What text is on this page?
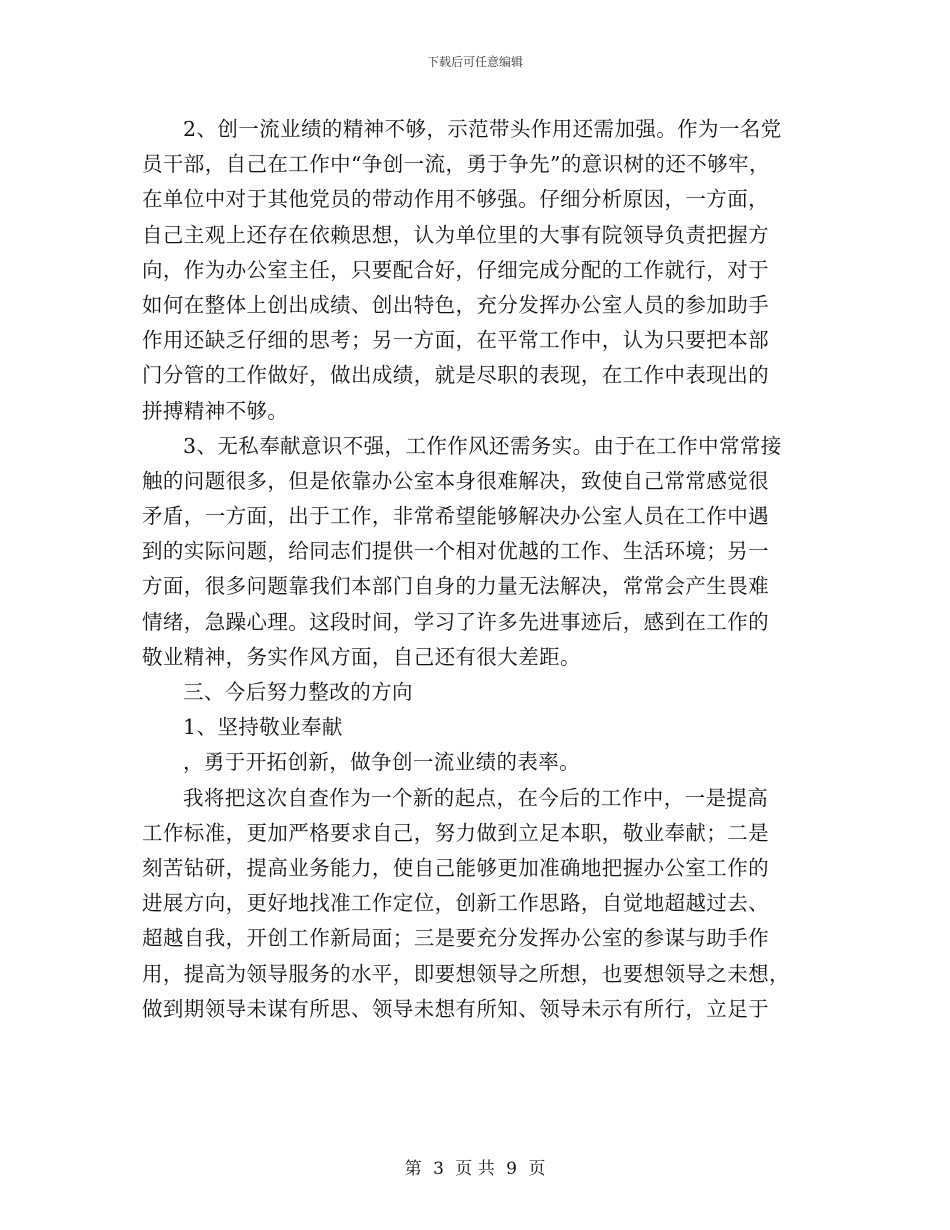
下载后可任意编辑
2、创一流业绩的精神不够，示范带头作用还需加强。作为一名党
员干部，自己在工作中“争创一流，勇于争先”的意识树的还不够牢，
在单位中对于其他党员的带动作用不够强。仔细分析原因，一方面，
自己主观上还存在依赖思想，认为单位里的大事有院领导负责把握方
向，作为办公室主任，只要配合好，仔细完成分配的工作就行，对于
如何在整体上创出成绩、创出特色，充分发挥办公室人员的参加助手
作用还缺乏仔细的思考；另一方面，在平常工作中，认为只要把本部
门分管的工作做好，做出成绩，就是尽职的表现，在工作中表现出的
拼搏精神不够。
3、无私奉献意识不强，工作作风还需务实。由于在工作中常常接
触的问题很多，但是依靠办公室本身很难解决，致使自己常常感觉很
矛盾，一方面，出于工作，非常希望能够解决办公室人员在工作中遇
到的实际问题，给同志们提供一个相对优越的工作、生活环境；另一
方面，很多问题靠我们本部门自身的力量无法解决，常常会产生畏难
情绪，急躁心理。这段时间，学习了许多先进事迹后，感到在工作的
敬业精神，务实作风方面，自己还有很大差距。
三、今后努力整改的方向
1、坚持敬业奉献
，勇于开拓创新，做争创一流业绩的表率。
我将把这次自查作为一个新的起点，在今后的工作中，一是提高
工作标准，更加严格要求自己，努力做到立足本职，敬业奉献；二是
刻苦钻研，提高业务能力，使自己能够更加准确地把握办公室工作的
进展方向，更好地找准工作定位，创新工作思路，自觉地超越过去、
超越自我，开创工作新局面；三是要充分发挥办公室的参谋与助手作
用，提高为领导服务的水平，即要想领导之所想，也要想领导之未想，
做到期领导未谋有所思、领导未想有所知、领导未示有所行，立足于
第 3 页 共 9 页
